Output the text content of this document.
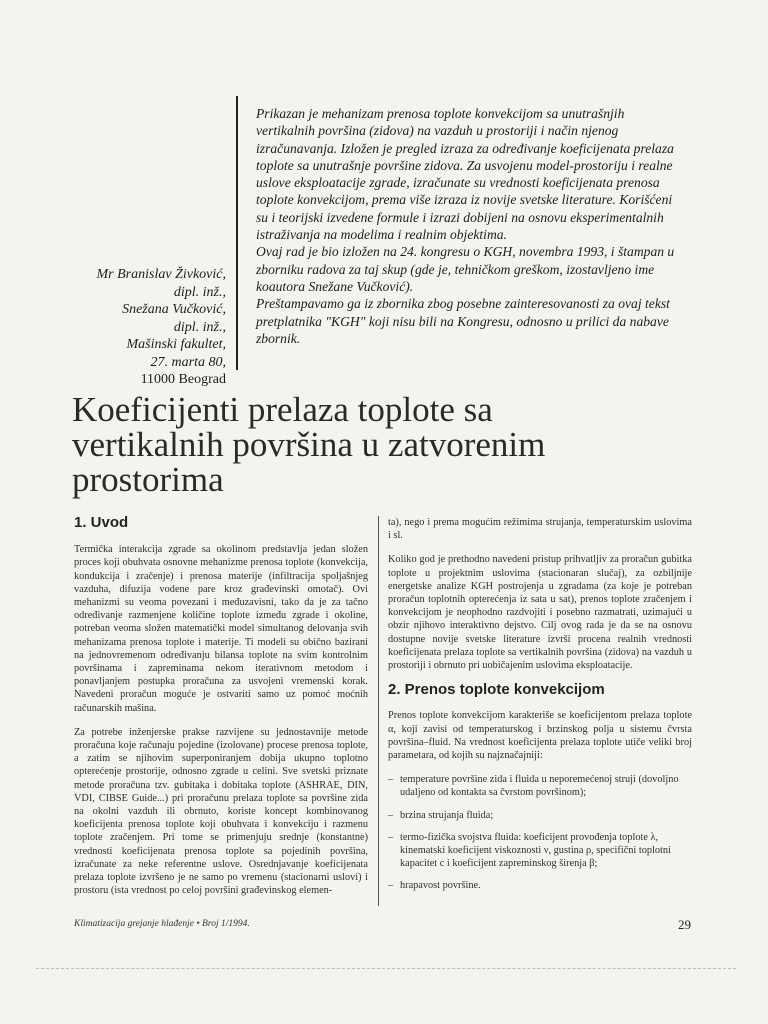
Mr Branislav Živković,
dipl. inž.,
Snežana Vučković,
dipl. inž.,
Mašinski fakultet,
27. marta 80,
11000 Beograd

Prikazan je mehanizam prenosa toplote konvekcijom sa unutrašnjih vertikalnih površina (zidova) na vazduh u prostoriji i način njenog izračunavanja. Izložen je pregled izraza za određivanje koeficijenata prelaza toplote sa unutrašnje površine zidova. Za usvojenu model-prostoriju i realne uslove eksploatacije zgrade, izračunate su vrednosti koeficijenata prenosa toplote konvekcijom, prema više izraza iz novije svetske literature. Korišćeni su i teorijski izvedene formule i izrazi dobijeni na osnovu eksperimentalnih istraživanja na modelima i realnim objektima.

Ovaj rad je bio izložen na 24. kongresu o KGH, novembra 1993, i štampan u zborniku radova za taj skup (gde je, tehničkom greškom, izostavljeno ime koautora Snežane Vučković).

Preštampavamo ga iz zbornika zbog posebne zainteresovanosti za ovaj tekst pretplatnika "KGH" koji nisu bili na Kongresu, odnosno u prilici da nabave zbornik.

Koeficijenti prelaza toplote sa
vertikalnih površina u zatvorenim
prostorima
1. Uvod

Termička interakcija zgrade sa okolinom predstavlja jedan složen proces koji obuhvata osnovne mehanizme prenosa toplote (konvekcija, kondukcija i zračenje) i prenosa materije (infiltracija spoljašnjeg vazduha, difuzija vodene pare kroz građevinski omotač). Ovi mehanizmi su veoma povezani i međuzavisni, tako da je za tačno određivanje razmenjene količine toplote između zgrade i okoline, potreban veoma složen matematički model simultanog delovanja svih mehanizama prenosa toplote i materije. Ti modeli su obično bazirani na jednovremenom određivanju bilansa toplote na svim kontrolnim površinama i zapreminama nekom iterativnom metodom i ponavljanjem postupka proračuna za usvojeni vremenski korak. Navedeni proračun moguće je ostvariti samo uz pomoć moćnih računarskih mašina.

Za potrebe inženjerske prakse razvijene su jednostavnije metode proračuna koje računaju pojedine (izolovane) procese prenosa toplote, a zatim se njihovim superponiranjem dobija ukupno toplotno opterećenje prostorije, odnosno zgrade u celini. Sve svetski priznate metode proračuna tzv. gubitaka i dobitaka toplote (ASHRAE, DIN, VDI, CIBSE Guide...) pri proračunu prelaza toplote sa površine zida na okolni vazduh ili obrnuto, koriste koncept kombinovanog koeficijenta prenosa toplote koji obuhvata i konvekciju i razmenu toplote zračenjem. Pri tome se primenjuju srednje (konstantne) vrednosti koeficijenata prenosa toplote sa pojedinih površina, izračunate za neke referentne uslove. Osrednjavanje koeficijenata prelaza toplote izvršeno je ne samo po vremenu (stacionarni uslovi) i prostoru (ista vrednost po celoj površini građevinskog elemen-

ta), nego i prema mogućim režimima strujanja, temperaturskim uslovima i sl.

Koliko god je prethodno navedeni pristup prihvatljiv za proračun gubitka toplote u projektnim uslovima (stacionaran slučaj), za ozbiljnije energetske analize KGH postrojenja u zgradama (za koje je potreban proračun toplotnih opterećenja iz sata u sat), prenos toplote zračenjem i konvekcijom je neophodno razdvojiti i posebno razmatrati, uzimajući u obzir njihovo interaktivno dejstvo. Cilj ovog rada je da se na osnovu dostupne novije svetske literature izvrši procena realnih vrednosti koeficijenata prelaza toplote sa vertikalnih površina (zidova) na vazduh u prostoriji i obrnuto pri uobičajenim uslovima eksploatacije.

2. Prenos toplote konvekcijom

Prenos toplote konvekcijom karakteriše se koeficijentom prelaza toplote α, koji zavisi od temperaturskog i brzinskog polja u sistemu čvrsta površina–fluid. Na vrednost koeficijenta prelaza toplote utiče veliki broj parametara, od kojih su najznačajniji:

– temperature površine zida i fluida u neporemećenoj struji (dovoljno udaljeno od kontakta sa čvrstom površinom);
– brzina strujanja fluida;
– termo-fizička svojstva fluida: koeficijent provođenja toplote λ, kinematski koeficijent viskoznosti ν, gustina ρ, specifični toplotni kapacitet c i koeficijent zapreminskog širenja β;
– hrapavost površine.
Klimatizacija grejanje hlađenje • Broj 1/1994.	29
